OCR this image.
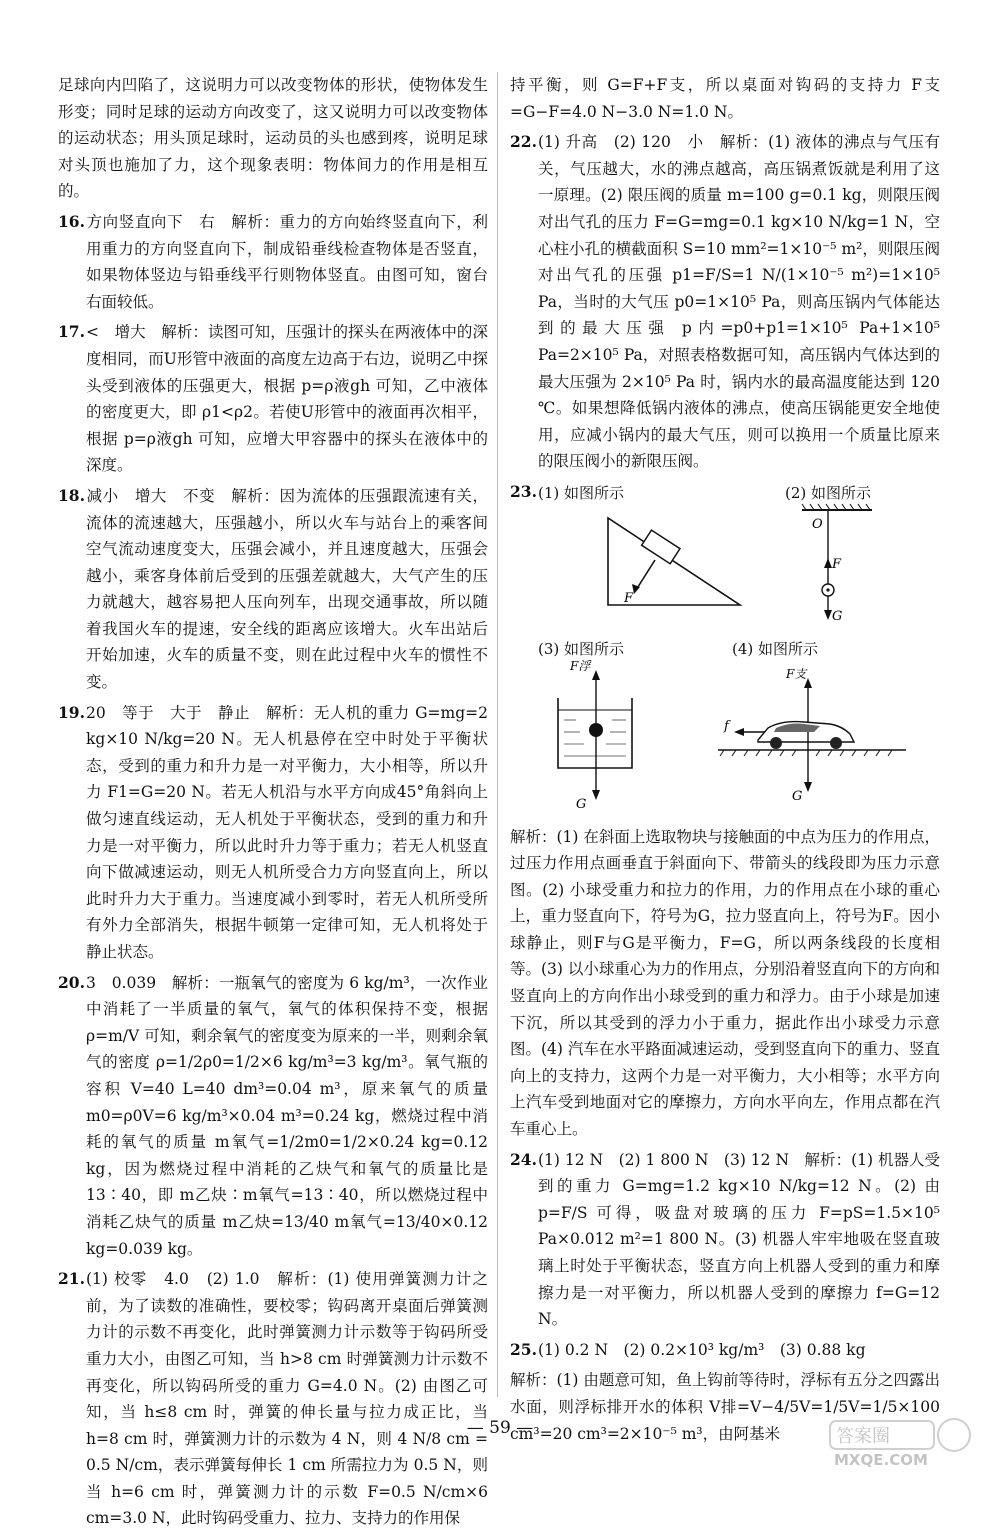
足球向内凹陷了，这说明力可以改变物体的形状，使物体发生形变；同时足球的运动方向改变了，这又说明力可以改变物体的运动状态；用头顶足球时，运动员的头也感到疼，说明足球对头顶也施加了力，这个现象表明：物体间力的作用是相互的。

16.方向竖直向下　右　解析：重力的方向始终竖直向下，利用重力的方向竖直向下，制成铅垂线检查物体是否竖直，如果物体竖边与铅垂线平行则物体竖直。由图可知，窗台右面较低。
17.<　增大　解析：读图可知，压强计的探头在两液体中的深度相同，而U形管中液面的高度左边高于右边，说明乙中探头受到液体的压强更大，根据 p=ρ液gh 可知，乙中液体的密度更大，即 ρ1<ρ2。若使U形管中的液面再次相平，根据 p=ρ液gh 可知，应增大甲容器中的探头在液体中的深度。
18.减小　增大　不变　解析：因为流体的压强跟流速有关，流体的流速越大，压强越小，所以火车与站台上的乘客间空气流动速度变大，压强会减小，并且速度越大，压强会越小，乘客身体前后受到的压强差就越大，大气产生的压力就越大，越容易把人压向列车，出现交通事故，所以随着我国火车的提速，安全线的距离应该增大。火车出站后开始加速，火车的质量不变，则在此过程中火车的惯性不变。
19.20　等于　大于　静止　解析：无人机的重力 G=mg=2 kg×10 N/kg=20 N。无人机悬停在空中时处于平衡状态，受到的重力和升力是一对平衡力，大小相等，所以升力 F1=G=20 N。若无人机沿与水平方向成45°角斜向上做匀速直线运动，无人机处于平衡状态，受到的重力和升力是一对平衡力，所以此时升力等于重力；若无人机竖直向下做减速运动，则无人机所受合力方向竖直向上，所以此时升力大于重力。当速度减小到零时，若无人机所受所有外力全部消失，根据牛顿第一定律可知，无人机将处于静止状态。
20.3　0.039　解析：一瓶氧气的密度为 6 kg/m³，一次作业中消耗了一半质量的氧气，氧气的体积保持不变，根据 ρ=m/V 可知，剩余氧气的密度变为原来的一半，则剩余氧气的密度 ρ=1/2ρ0=1/2×6 kg/m³=3 kg/m³。氧气瓶的容积 V=40 L=40 dm³=0.04 m³，原来氧气的质量 m0=ρ0V=6 kg/m³×0.04 m³=0.24 kg，燃烧过程中消耗的氧气的质量 m氧气=1/2m0=1/2×0.24 kg=0.12 kg，因为燃烧过程中消耗的乙炔气和氧气的质量比是 13∶40，即 m乙炔∶m氧气=13∶40，所以燃烧过程中消耗乙炔气的质量 m乙炔=13/40 m氧气=13/40×0.12 kg=0.039 kg。
21.(1) 校零　4.0　(2) 1.0　解析：(1) 使用弹簧测力计之前，为了读数的准确性，要校零；钩码离开桌面后弹簧测力计的示数不再变化，此时弹簧测力计示数等于钩码所受重力大小，由图乙可知，当 h>8 cm 时弹簧测力计示数不再变化，所以钩码所受的重力 G=4.0 N。(2) 由图乙可知，当 h≤8 cm 时，弹簧的伸长量与拉力成正比，当 h=8 cm 时，弹簧测力计的示数为 4 N，则 4 N/8 cm = 0.5 N/cm，表示弹簧每伸长 1 cm 所需拉力为 0.5 N，则当 h=6 cm 时，弹簧测力计的示数 F=0.5 N/cm×6 cm=3.0 N，此时钩码受重力、拉力、支持力的作用保

持平衡，则 G=F+F支，所以桌面对钩码的支持力 F支=G−F=4.0 N−3.0 N=1.0 N。

22.(1) 升高　(2) 120　小　解析：(1) 液体的沸点与气压有关，气压越大，水的沸点越高，高压锅煮饭就是利用了这一原理。(2) 限压阀的质量 m=100 g=0.1 kg，则限压阀对出气孔的压力 F=G=mg=0.1 kg×10 N/kg=1 N，空心柱小孔的横截面积 S=10 mm²=1×10⁻⁵ m²，则限压阀对出气孔的压强 p1=F/S=1 N/(1×10⁻⁵ m²)=1×10⁵ Pa，当时的大气压 p0=1×10⁵ Pa，则高压锅内气体能达到的最大压强 p内=p0+p1=1×10⁵ Pa+1×10⁵ Pa=2×10⁵ Pa，对照表格数据可知，高压锅内气体达到的最大压强为 2×10⁵ Pa 时，锅内水的最高温度能达到 120 ℃。如果想降低锅内液体的沸点，使高压锅能更安全地使用，应减小锅内的最大气压，则可以换用一个质量比原来的限压阀小的新限压阀。
23. (1) 如图所示	(2) 如图所示
F
O
F
G
(3) 如图所示	(4) 如图所示
F浮
G
F支
f
G

解析：(1) 在斜面上选取物块与接触面的中点为压力的作用点，过压力作用点画垂直于斜面向下、带箭头的线段即为压力示意图。(2) 小球受重力和拉力的作用，力的作用点在小球的重心上，重力竖直向下，符号为G，拉力竖直向上，符号为F。因小球静止，则F与G是平衡力，F=G，所以两条线段的长度相等。(3) 以小球重心为力的作用点，分别沿着竖直向下的方向和竖直向上的方向作出小球受到的重力和浮力。由于小球是加速下沉，所以其受到的浮力小于重力，据此作出小球受力示意图。(4) 汽车在水平路面减速运动，受到竖直向下的重力、竖直向上的支持力，这两个力是一对平衡力，大小相等；水平方向上汽车受到地面对它的摩擦力，方向水平向左，作用点都在汽车重心上。

24.(1) 12 N　(2) 1 800 N　(3) 12 N　解析：(1) 机器人受到的重力 G=mg=1.2 kg×10 N/kg=12 N。(2) 由 p=F/S 可得，吸盘对玻璃的压力 F=pS=1.5×10⁵ Pa×0.012 m²=1 800 N。(3) 机器人牢牢地吸在竖直玻璃上时处于平衡状态，竖直方向上机器人受到的重力和摩擦力是一对平衡力，所以机器人受到的摩擦力 f=G=12 N。
25.(1) 0.2 N　(2) 0.2×10³ kg/m³　(3) 0.88 kg

解析：(1) 由题意可知，鱼上钩前等待时，浮标有五分之四露出水面，则浮标排开水的体积 V排=V−4/5V=1/5V=1/5×100 cm³=20 cm³=2×10⁻⁵ m³，由阿基米

— 59 —	答案圈
MXQE.COM
